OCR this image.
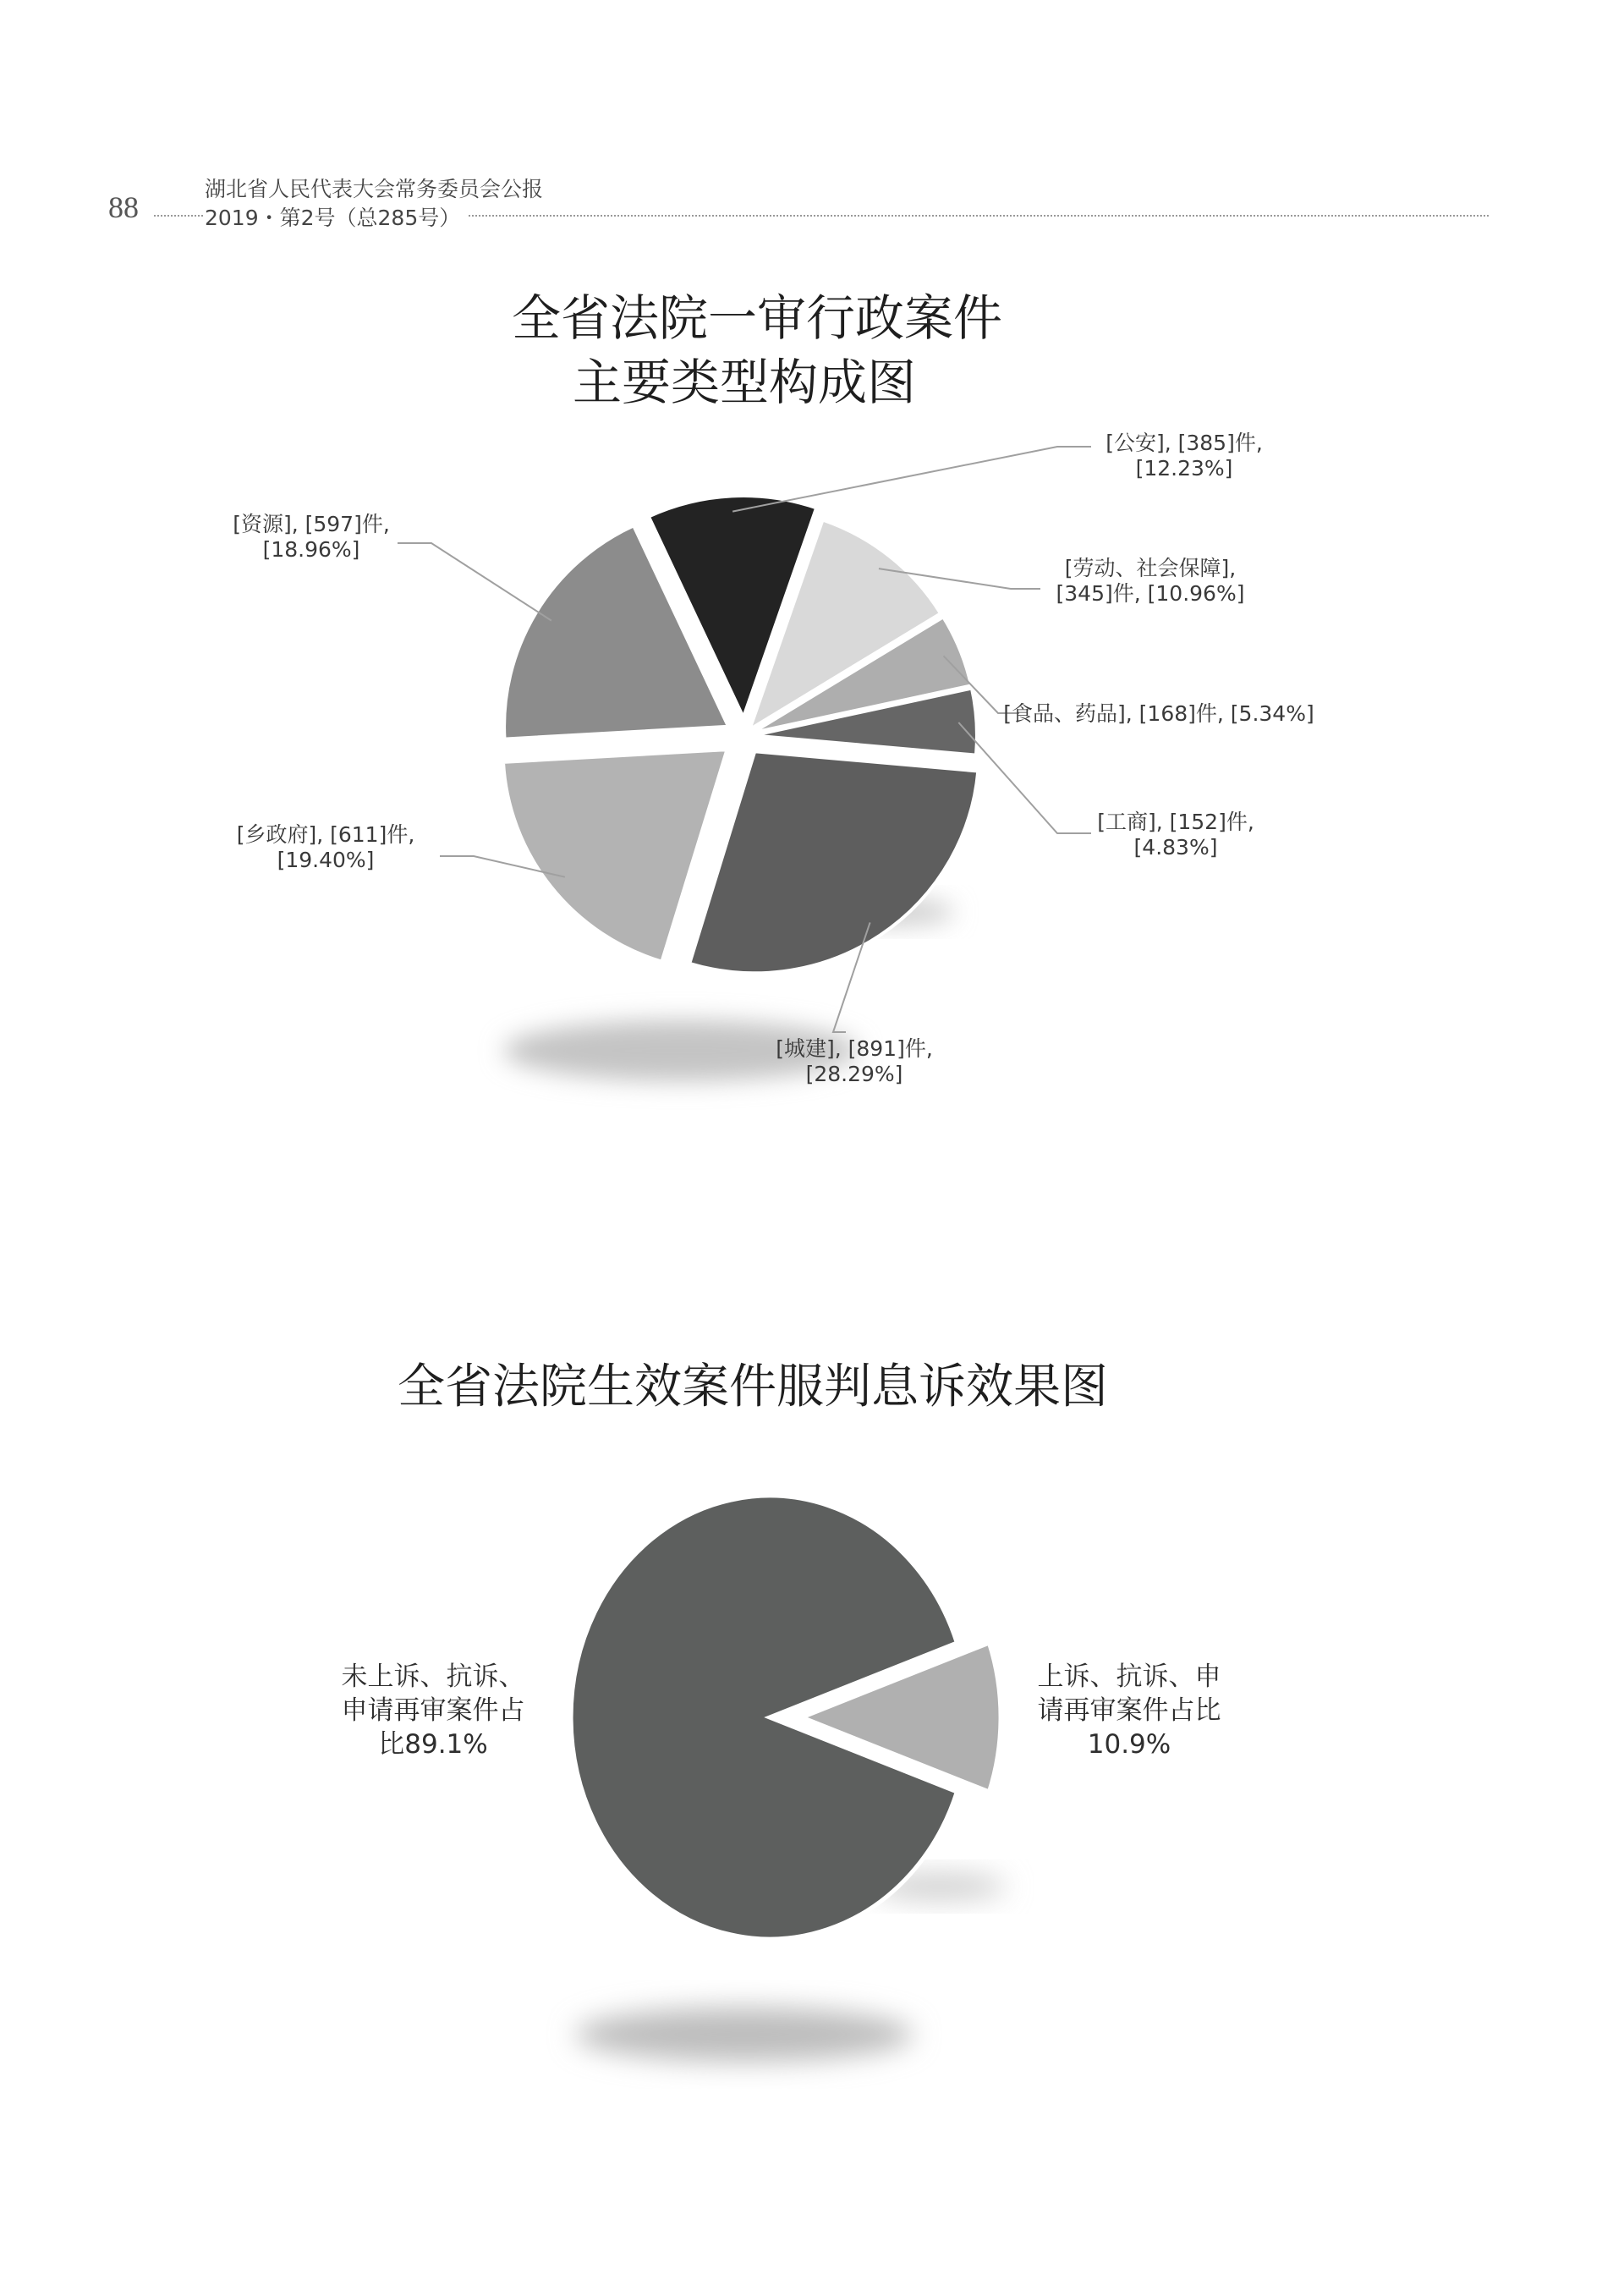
88
湖北省人民代表大会常务委员会公报
2019・第2号（总285号）
全省法院一审行政案件
主要类型构成图
[公安], [385]件,
[12.23%]
[劳动、社会保障],
[345]件, [10.96%]
[食品、药品], [168]件, [5.34%]
[工商], [152]件,
[4.83%]
[城建], [891]件,
[28.29%]
[乡政府], [611]件,
[19.40%]
[资源], [597]件,
[18.96%]
全省法院生效案件服判息诉效果图
上诉、抗诉、申
请再审案件占比
10.9%
未上诉、抗诉、
申请再审案件占
比89.1%
